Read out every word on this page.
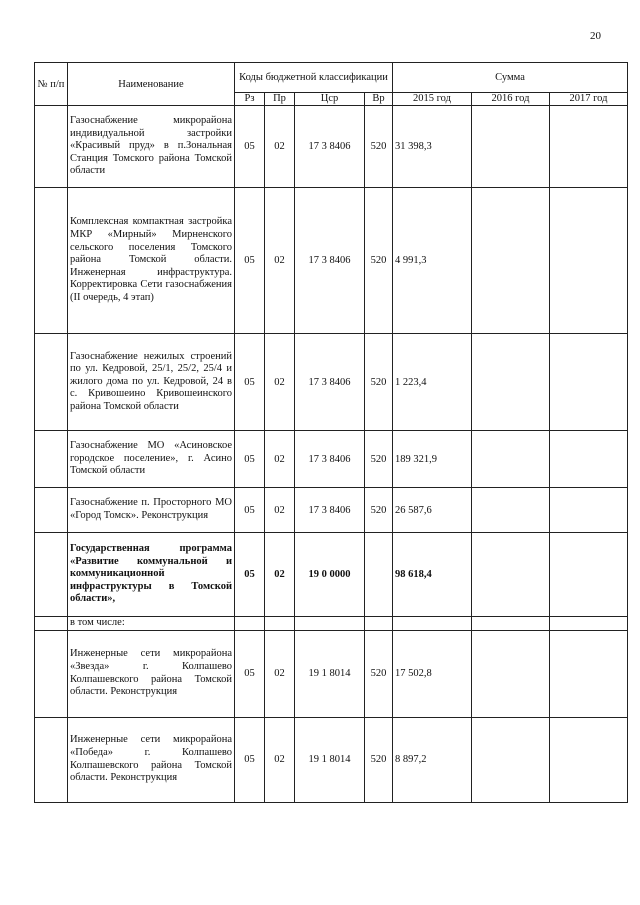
20
№ п/п	Наименование	Коды бюджетной классификации				Сумма		
		Рз	Пр	Цср	Вр	2015 год	2016 год	2017 год
	Газоснабжение микрорайона индивидуальной застройки «Красивый пруд» в п.Зональная Станция Томского района Томской области	05	02	17 3 8406	520	31 398,3		
	Комплексная компактная застройка МКР «Мирный» Мирненского сельского поселения Томского района Томской области. Инженерная инфраструктура. Корректировка Сети газоснабжения (II очередь, 4 этап)	05	02	17 3 8406	520	4 991,3		
	Газоснабжение нежилых строений по ул. Кедровой, 25/1, 25/2, 25/4 и жилого дома по ул. Кедровой, 24 в с. Кривошеино Кривошеинского района Томской области	05	02	17 3 8406	520	1 223,4		
	Газоснабжение МО «Асиновское городское поселение», г. Асино Томской области	05	02	17 3 8406	520	189 321,9		
	Газоснабжение п. Просторного МО «Город Томск». Реконструкция	05	02	17 3 8406	520	26 587,6		
	Государственная программа «Развитие коммунальной и коммуникационной инфраструктуры в Томской области»,	05	02	19 0 0000		98 618,4		
	в том числе:							
	Инженерные сети микрорайона «Звезда» г. Колпашево Колпашевского района Томской области. Реконструкция	05	02	19 1 8014	520	17 502,8		
	Инженерные сети микрорайона «Победа» г. Колпашево Колпашевского района Томской области. Реконструкция	05	02	19 1 8014	520	8 897,2		
